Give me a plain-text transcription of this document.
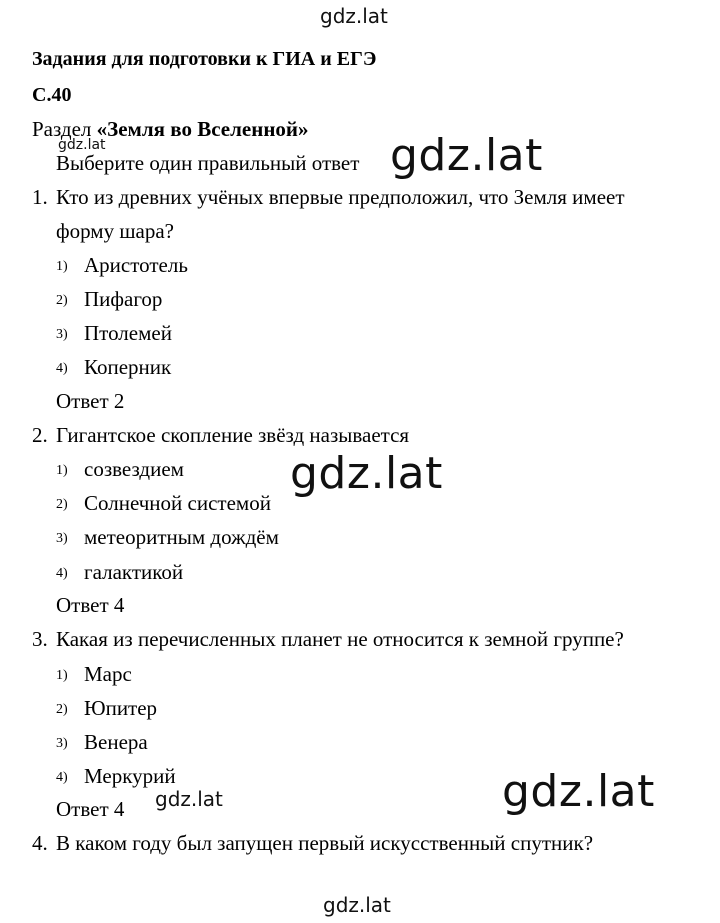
gdz.lat
Задания для подготовки к ГИА и ЕГЭ
С.40
Раздел «Земля во Вселенной»
gdz.lat
Выберите один правильный ответ gdz.lat
1. Кто из древних учёных впервые предположил, что Земля имеет
форму шара?
1) Аристотель
2) Пифагор
3) Птолемей
4) Коперник
Ответ 2
2. Гигантское скопление звёзд называется
1) созвездием
2) Солнечной системой
3) метеоритным дождём
4) галактикой
Ответ 4
gdz.lat
3. Какая из перечисленных планет не относится к земной группе?
1) Марс
2) Юпитер
3) Венера
4) Меркурий
Ответ 4 gdz.lat	gdz.lat
4. В каком году был запущен первый искусственный спутник?
gdz.lat
